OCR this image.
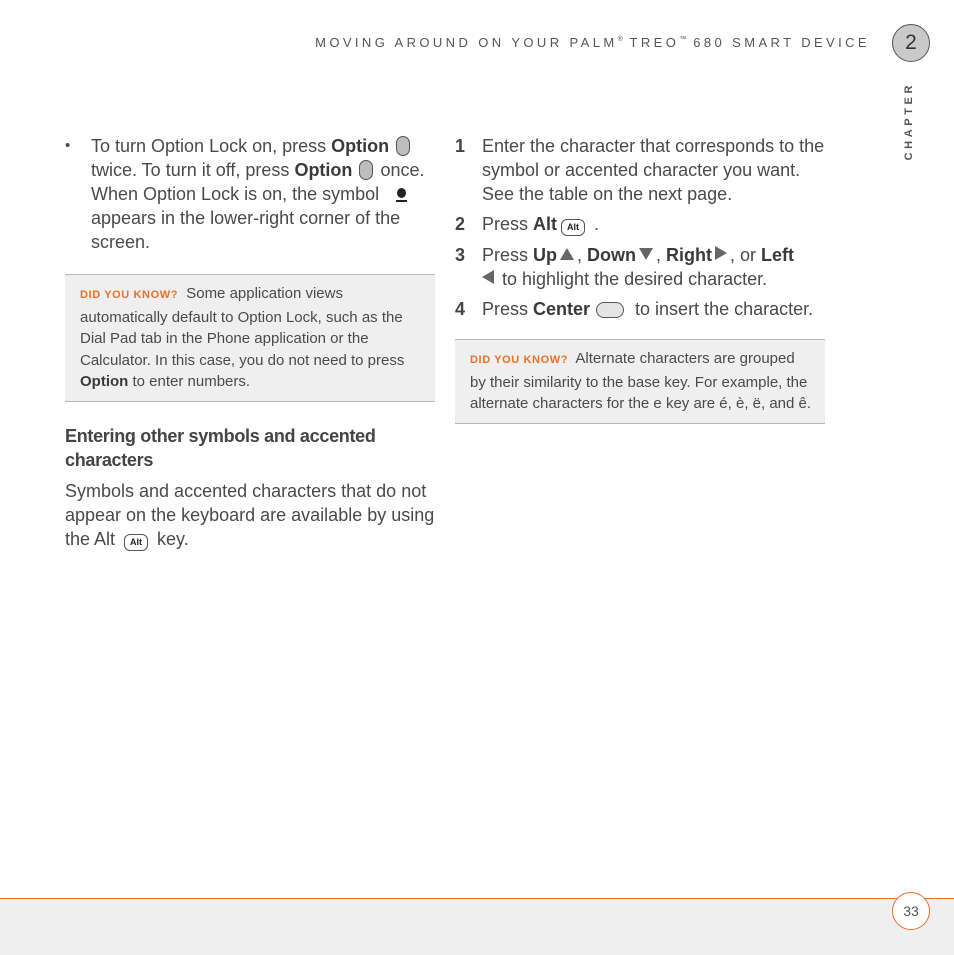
MOVING AROUND ON YOUR PALM® TREO™ 680 SMART DEVICE 2
CHAPTER
• To turn Option Lock on, press Option  twice. To turn it off, press Option  once. When Option Lock is on, the symbol
appears in the lower-right corner of the screen.
DID YOU KNOW? Some application views automatically default to Option Lock, such as the Dial Pad tab in the Phone application or the Calculator. In this case, you do not need to press Option to enter numbers.
Entering other symbols and accented characters
Symbols and accented characters that do not appear on the keyboard are available by using the Alt Alt key.
1 Enter the character that corresponds to the symbol or accented character you want. See the table on the next page.
2 Press Alt Alt .
3 Press Up , Down , Right , or Left
to highlight the desired character.
4 Press Center to insert the character.
DID YOU KNOW? Alternate characters are grouped by their similarity to the base key. For example, the alternate characters for the e key are é, è, ë, and ê.
33
